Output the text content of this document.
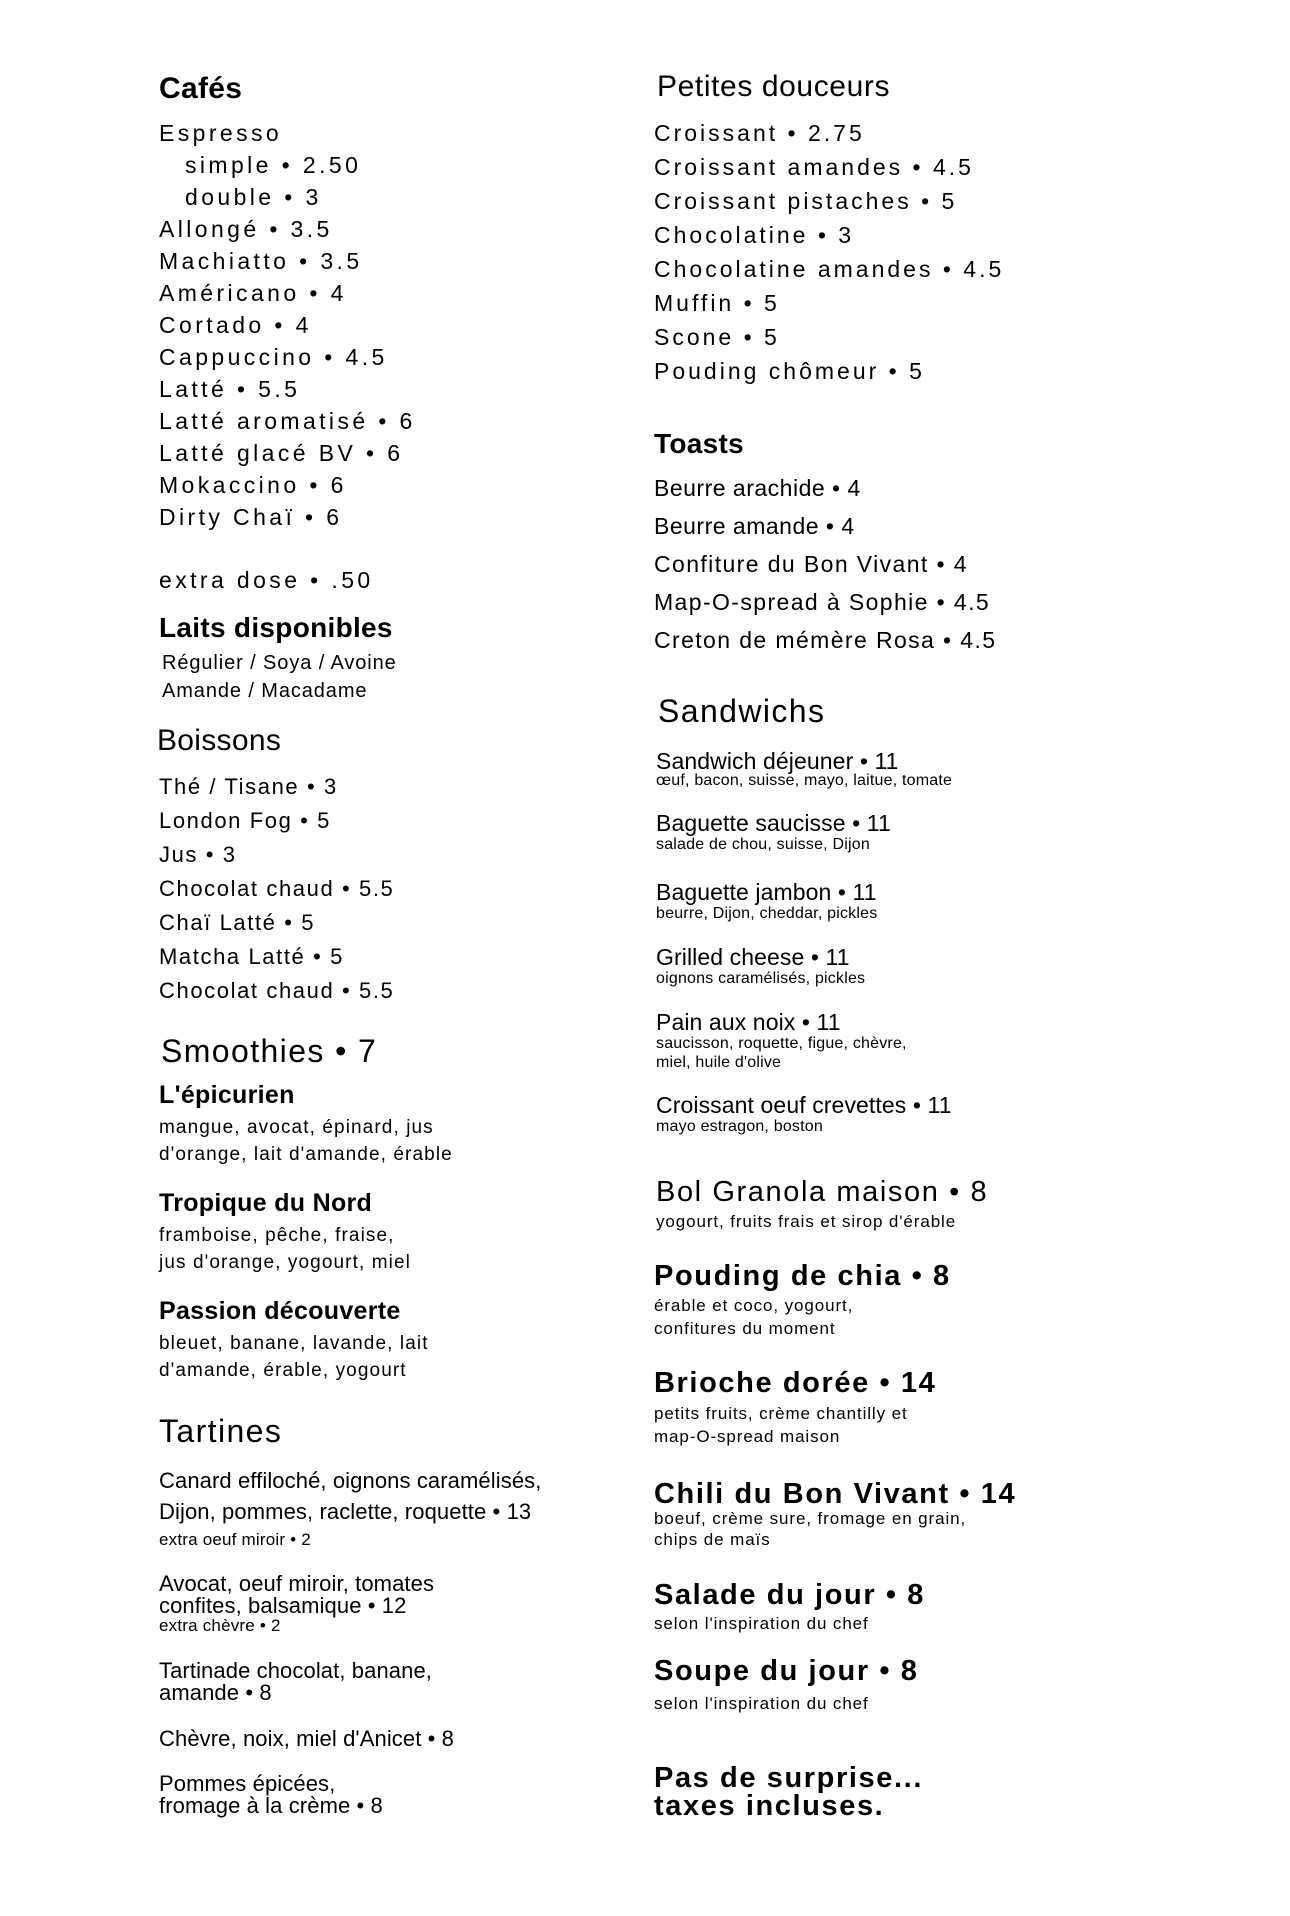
Cafés
Espresso
simple • 2.50
double • 3
Allongé • 3.5
Machiatto • 3.5
Américano • 4
Cortado • 4
Cappuccino • 4.5
Latté • 5.5
Latté aromatisé • 6
Latté glacé BV • 6
Mokaccino • 6
Dirty Chaï • 6
extra dose • .50
Laits disponibles
Régulier / Soya / Avoine
Amande / Macadame
Boissons
Thé / Tisane • 3
London Fog • 5
Jus • 3
Chocolat chaud • 5.5
Chaï Latté • 5
Matcha Latté • 5
Chocolat chaud • 5.5
Smoothies • 7
L'épicurien
mangue, avocat, épinard, jus
d'orange, lait d'amande, érable
Tropique du Nord
framboise, pêche, fraise,
jus d'orange, yogourt, miel
Passion découverte
bleuet, banane, lavande, lait
d'amande, érable, yogourt
Tartines
Canard effiloché, oignons caramélisés,
Dijon, pommes, raclette, roquette • 13
extra oeuf miroir • 2
Avocat, oeuf miroir, tomates
confites, balsamique • 12
extra chèvre • 2
Tartinade chocolat, banane,
amande • 8
Chèvre, noix, miel d'Anicet • 8
Pommes épicées,
fromage à la crème • 8
Petites douceurs
Croissant • 2.75
Croissant amandes • 4.5
Croissant pistaches • 5
Chocolatine • 3
Chocolatine amandes • 4.5
Muffin • 5
Scone • 5
Pouding chômeur • 5
Toasts
Beurre arachide • 4
Beurre amande • 4
Confiture du Bon Vivant • 4
Map-O-spread à Sophie • 4.5
Creton de mémère Rosa • 4.5
Sandwichs
Sandwich déjeuner • 11
œuf, bacon, suisse, mayo, laitue, tomate
Baguette saucisse • 11
salade de chou, suisse, Dijon
Baguette jambon • 11
beurre, Dijon, cheddar, pickles
Grilled cheese • 11
oignons caramélisés, pickles
Pain aux noix • 11
saucisson, roquette, figue, chèvre,
miel, huile d'olive
Croissant oeuf crevettes • 11
mayo estragon, boston
Bol Granola maison • 8
yogourt, fruits frais et sirop d'érable
Pouding de chia • 8
érable et coco, yogourt,
confitures du moment
Brioche dorée • 14
petits fruits, crème chantilly et
map-O-spread maison
Chili du Bon Vivant • 14
boeuf, crème sure, fromage en grain,
chips de maïs
Salade du jour • 8
selon l'inspiration du chef
Soupe du jour • 8
selon l'inspiration du chef
Pas de surprise...
taxes incluses.
